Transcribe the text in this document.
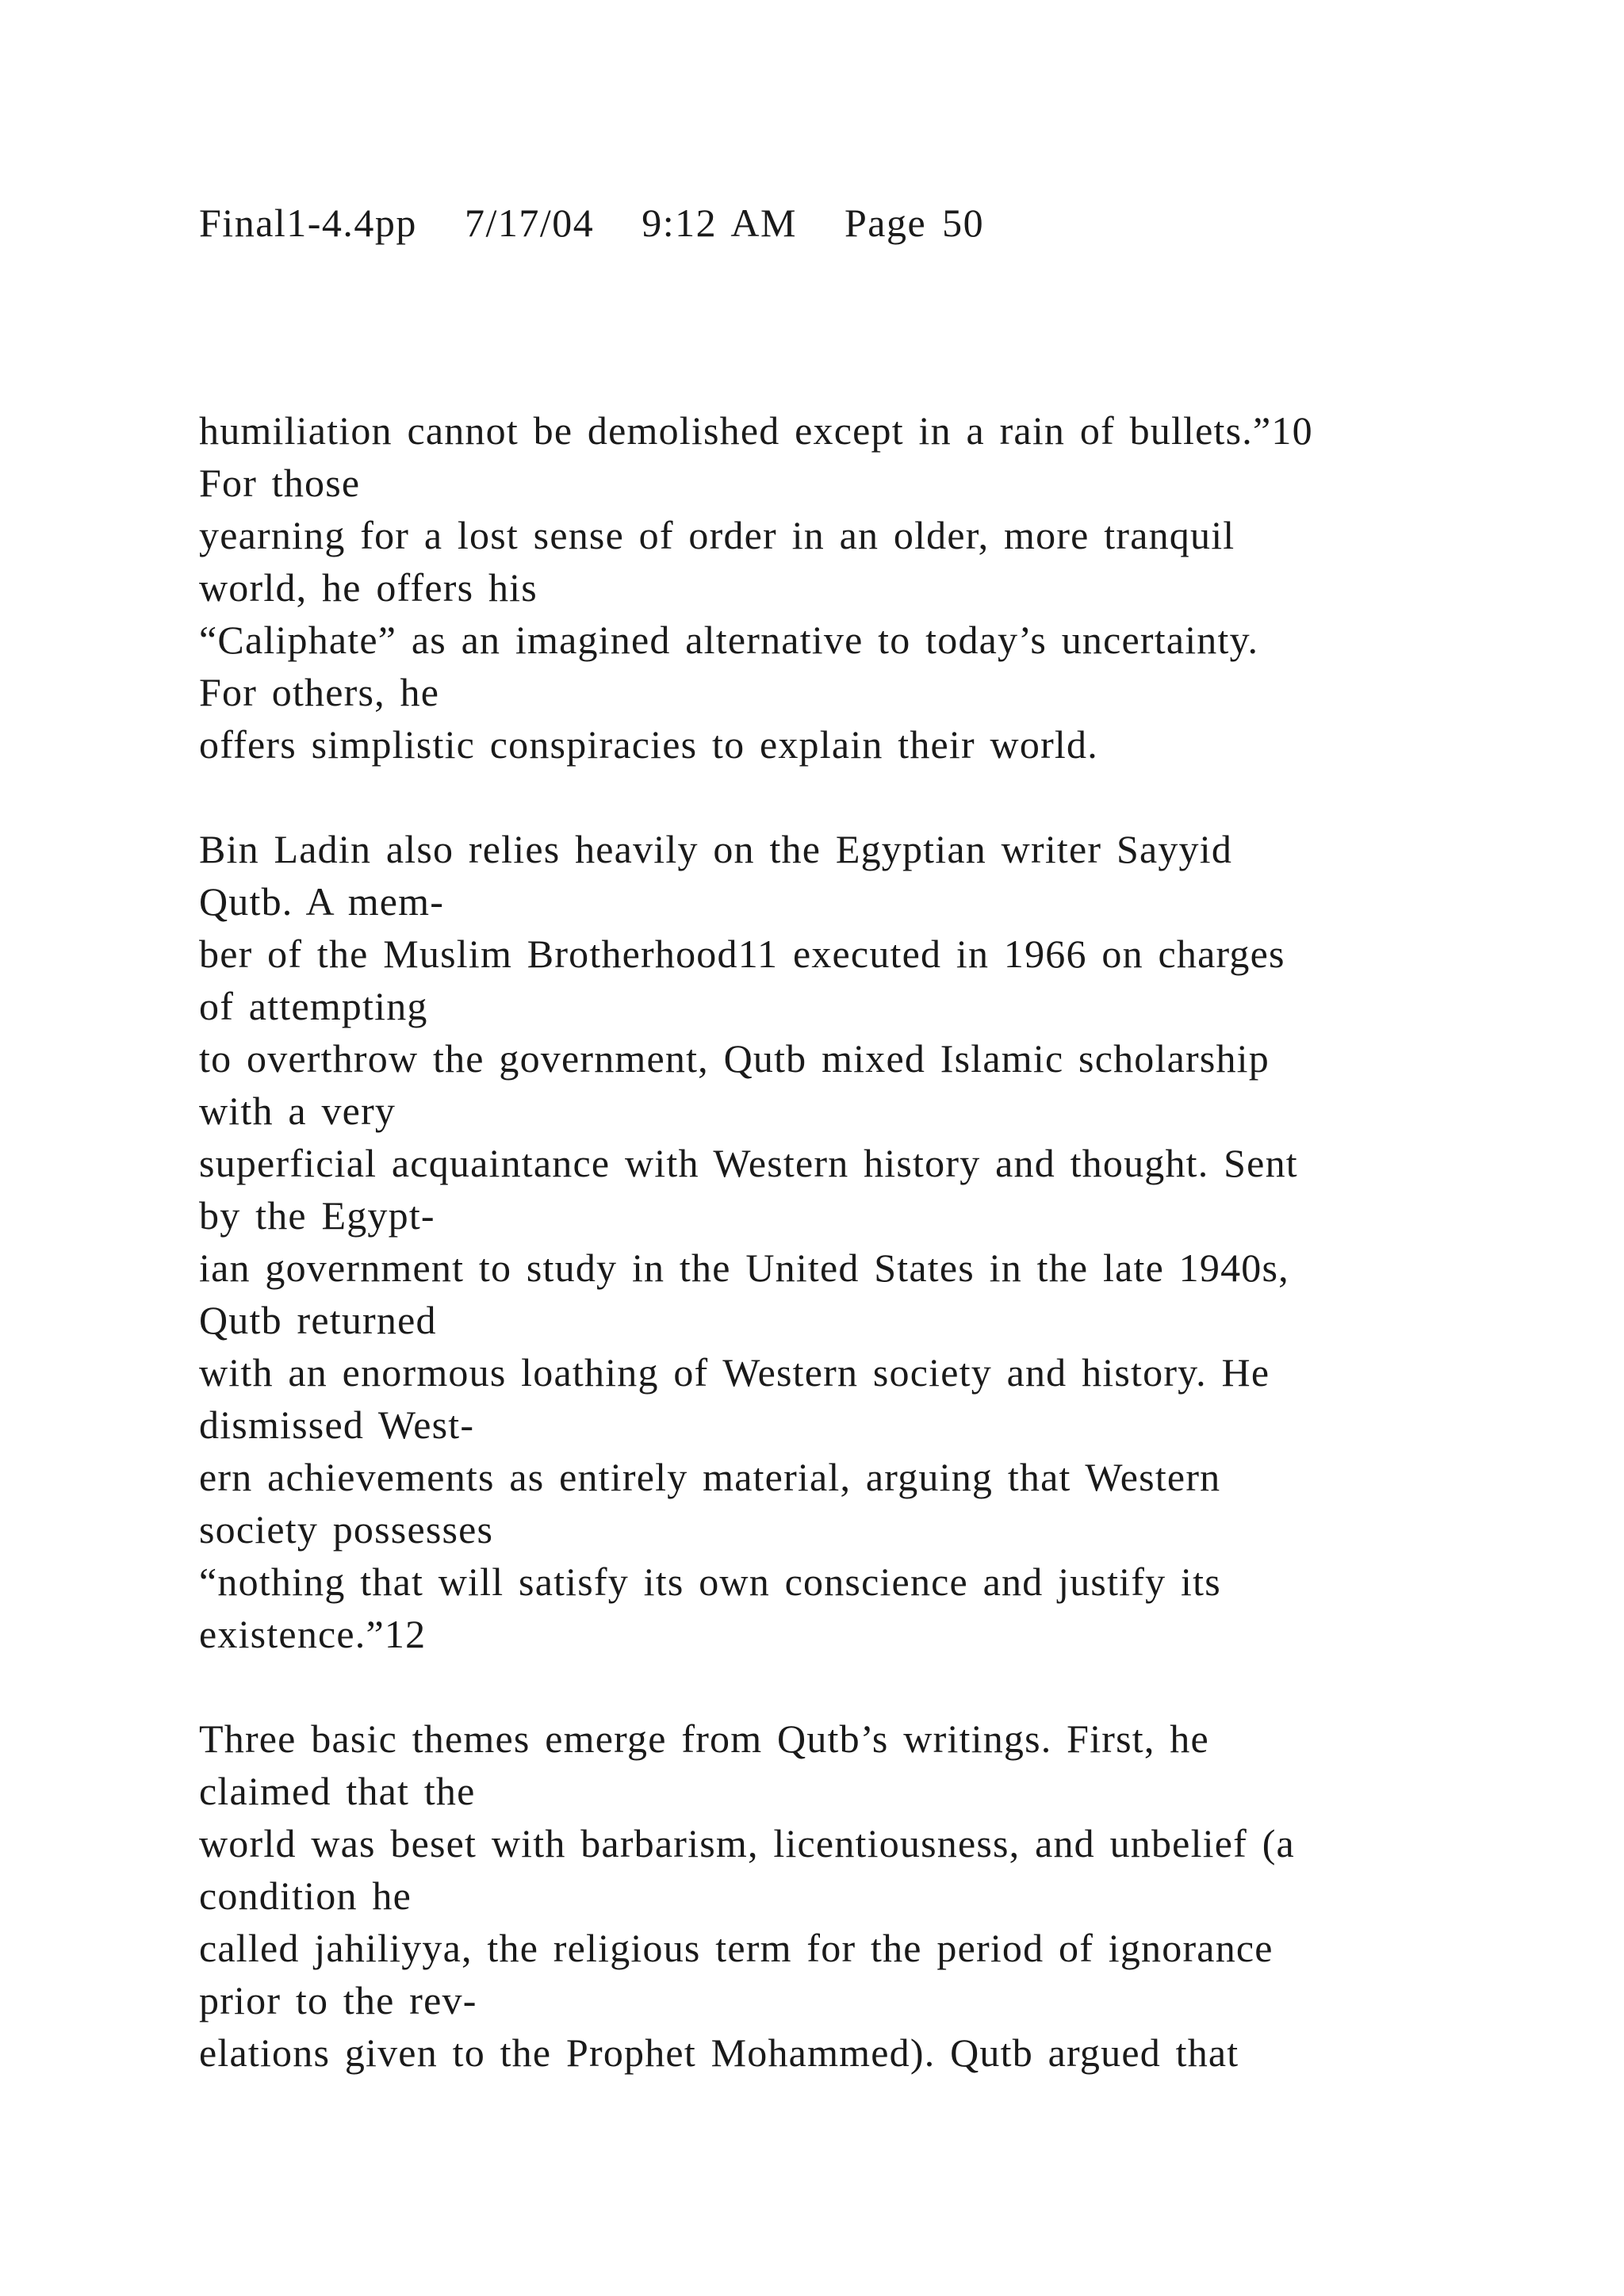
Final1-4.4pp 7/17/04 9:12 AM Page 50
humiliation cannot be demolished except in a rain of bullets.”10
For those
yearning for a lost sense of order in an older, more tranquil
world, he offers his
“Caliphate” as an imagined alternative to today’s uncertainty.
For others, he
offers simplistic conspiracies to explain their world.
Bin Ladin also relies heavily on the Egyptian writer Sayyid
Qutb. A mem-
ber of the Muslim Brotherhood11 executed in 1966 on charges
of attempting
to overthrow the government, Qutb mixed Islamic scholarship
with a very
superficial acquaintance with Western history and thought. Sent
by the Egypt-
ian government to study in the United States in the late 1940s,
Qutb returned
with an enormous loathing of Western society and history. He
dismissed West-
ern achievements as entirely material, arguing that Western
society possesses
“nothing that will satisfy its own conscience and justify its
existence.”12
Three basic themes emerge from Qutb’s writings. First, he
claimed that the
world was beset with barbarism, licentiousness, and unbelief (a
condition he
called jahiliyya, the religious term for the period of ignorance
prior to the rev-
elations given to the Prophet Mohammed). Qutb argued that
